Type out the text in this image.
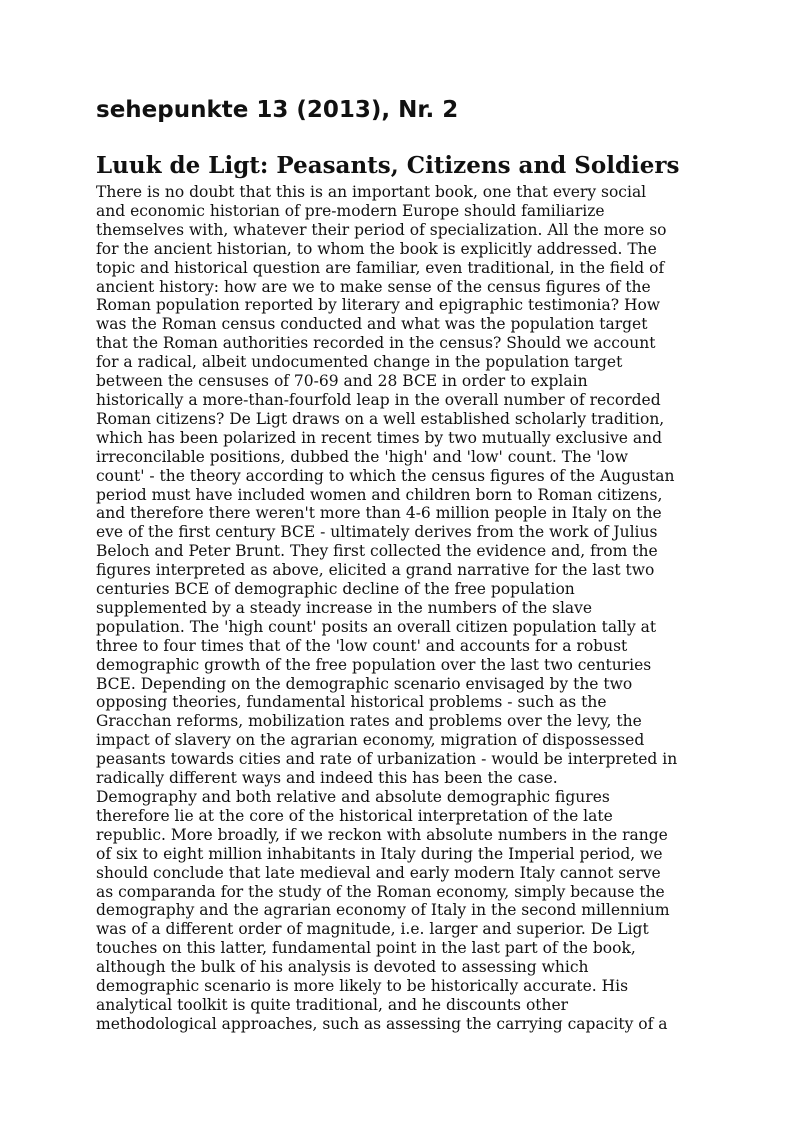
sehepunkte 13 (2013), Nr. 2
Luuk de Ligt: Peasants, Citizens and Soldiers
There is no doubt that this is an important book, one that every social
and economic historian of pre-modern Europe should familiarize
themselves with, whatever their period of specialization. All the more so
for the ancient historian, to whom the book is explicitly addressed. The
topic and historical question are familiar, even traditional, in the field of
ancient history: how are we to make sense of the census figures of the
Roman population reported by literary and epigraphic testimonia? How
was the Roman census conducted and what was the population target
that the Roman authorities recorded in the census? Should we account
for a radical, albeit undocumented change in the population target
between the censuses of 70-69 and 28 BCE in order to explain
historically a more-than-fourfold leap in the overall number of recorded
Roman citizens? De Ligt draws on a well established scholarly tradition,
which has been polarized in recent times by two mutually exclusive and
irreconcilable positions, dubbed the 'high' and 'low' count. The 'low
count' - the theory according to which the census figures of the Augustan
period must have included women and children born to Roman citizens,
and therefore there weren't more than 4-6 million people in Italy on the
eve of the first century BCE - ultimately derives from the work of Julius
Beloch and Peter Brunt. They first collected the evidence and, from the
figures interpreted as above, elicited a grand narrative for the last two
centuries BCE of demographic decline of the free population
supplemented by a steady increase in the numbers of the slave
population. The 'high count' posits an overall citizen population tally at
three to four times that of the 'low count' and accounts for a robust
demographic growth of the free population over the last two centuries
BCE. Depending on the demographic scenario envisaged by the two
opposing theories, fundamental historical problems - such as the
Gracchan reforms, mobilization rates and problems over the levy, the
impact of slavery on the agrarian economy, migration of dispossessed
peasants towards cities and rate of urbanization - would be interpreted in
radically different ways and indeed this has been the case.
Demography and both relative and absolute demographic figures
therefore lie at the core of the historical interpretation of the late
republic. More broadly, if we reckon with absolute numbers in the range
of six to eight million inhabitants in Italy during the Imperial period, we
should conclude that late medieval and early modern Italy cannot serve
as comparanda for the study of the Roman economy, simply because the
demography and the agrarian economy of Italy in the second millennium
was of a different order of magnitude, i.e. larger and superior. De Ligt
touches on this latter, fundamental point in the last part of the book,
although the bulk of his analysis is devoted to assessing which
demographic scenario is more likely to be historically accurate. His
analytical toolkit is quite traditional, and he discounts other
methodological approaches, such as assessing the carrying capacity of a
